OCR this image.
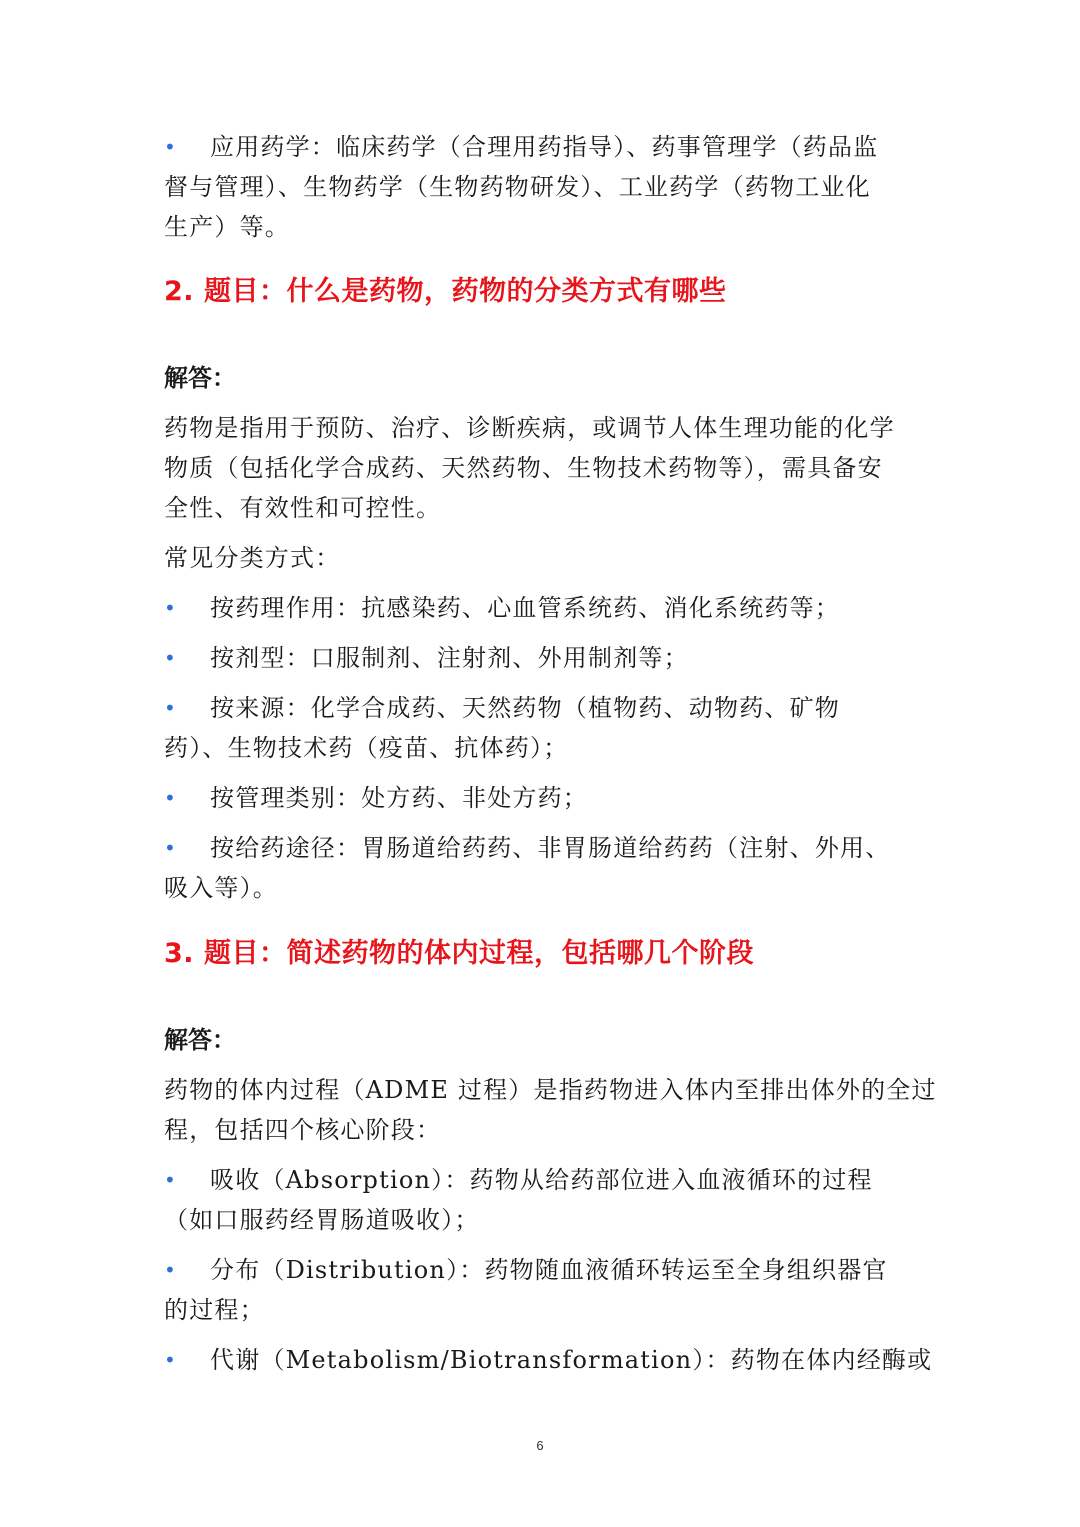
• 应用药学：临床药学（合理用药指导）、药事管理学（药品监
督与管理）、生物药学（生物药物研发）、工业药学（药物工业化
生产）等。
2. 题目：什么是药物，药物的分类方式有哪些
解答：
药物是指用于预防、治疗、诊断疾病，或调节人体生理功能的化学
物质（包括化学合成药、天然药物、生物技术药物等），需具备安
全性、有效性和可控性。
常见分类方式：
• 按药理作用：抗感染药、心血管系统药、消化系统药等；
• 按剂型：口服制剂、注射剂、外用制剂等；
• 按来源：化学合成药、天然药物（植物药、动物药、矿物
药）、生物技术药（疫苗、抗体药）；
• 按管理类别：处方药、非处方药；
• 按给药途径：胃肠道给药药、非胃肠道给药药（注射、外用、
吸入等）。
3. 题目：简述药物的体内过程，包括哪几个阶段
解答：
药物的体内过程（ADME 过程）是指药物进入体内至排出体外的全过
程，包括四个核心阶段：
• 吸收（Absorption）：药物从给药部位进入血液循环的过程
（如口服药经胃肠道吸收）；
• 分布（Distribution）：药物随血液循环转运至全身组织器官
的过程；
• 代谢（Metabolism/Biotransformation）：药物在体内经酶或
6
